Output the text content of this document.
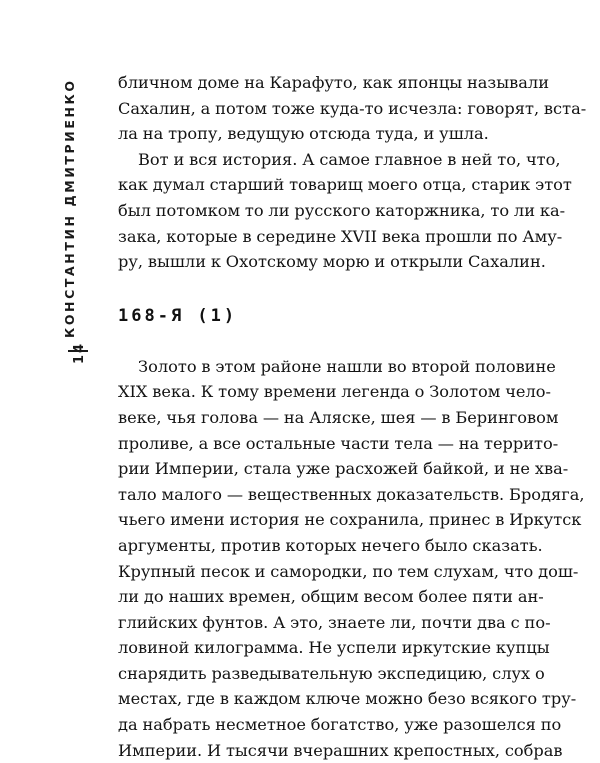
КОНСТАНТИН ДМИТРИЕНКО
14
бличном доме на Карафуто, как японцы называли
Сахалин, а потом тоже куда-то исчезла: говорят, вста-
ла на тропу, ведущую отсюда туда, и ушла.
Вот и вся история. А самое главное в ней то, что,
как думал старший товарищ моего отца, старик этот
был потомком то ли русского каторжника, то ли ка-
зака, которые в середине XVII века прошли по Аму-
ру, вышли к Охотскому морю и открыли Сахалин.
168-Я (1)
Золото в этом районе нашли во второй половине
XIX века. К тому времени легенда о Золотом чело-
веке, чья голова — на Аляске, шея — в Беринговом
проливе, а все остальные части тела — на террито-
рии Империи, стала уже расхожей байкой, и не хва-
тало малого — вещественных доказательств. Бродяга,
чьего имени история не сохранила, принес в Иркутск
аргументы, против которых нечего было сказать.
Крупный песок и самородки, по тем слухам, что дош-
ли до наших времен, общим весом более пяти ан-
глийских фунтов. А это, знаете ли, почти два с по-
ловиной килограмма. Не успели иркутские купцы
снарядить разведывательную экспедицию, слух о
местах, где в каждом ключе можно безо всякого тру-
да набрать несметное богатство, уже разошелся по
Империи. И тысячи вчерашних крепостных, собрав
